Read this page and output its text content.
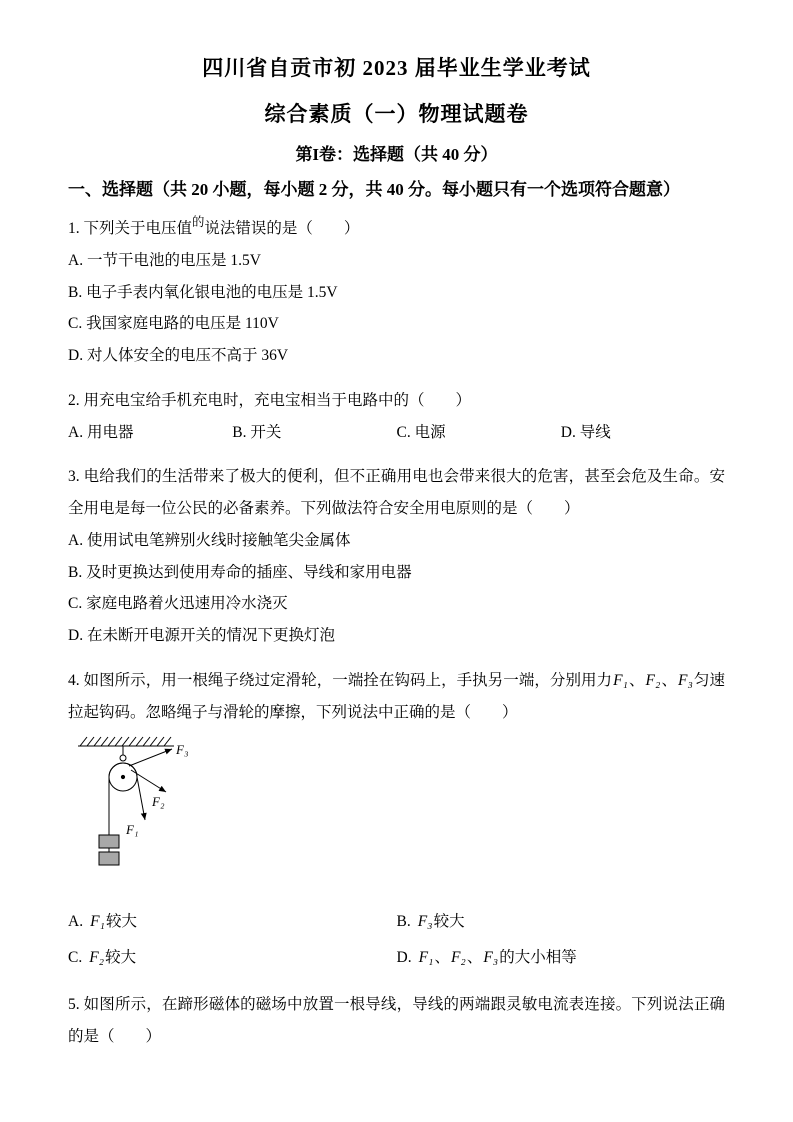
四川省自贡市初 2023 届毕业生学业考试
综合素质（一）物理试题卷
第I卷：选择题（共 40 分）
一、选择题（共 20 小题，每小题 2 分，共 40 分。每小题只有一个选项符合题意）

1. 下列关于电压值$^的$说法错误的是（　　）

A. 一节干电池的电压是 1.5V

B. 电子手表内氧化银电池的电压是 1.5V

C. 我国家庭电路的电压是 110V

D. 对人体安全的电压不高于 36V

2. 用充电宝给手机充电时，充电宝相当于电路中的（　　）

A. 用电器	B. 开关	C. 电源	D. 导线

3. 电给我们的生活带来了极大的便利，但不正确用电也会带来很大的危害，甚至会危及生命。安全用电是每一位公民的必备素养。下列做法符合安全用电原则的是（　　）

A. 使用试电笔辨别火线时接触笔尖金属体

B. 及时更换达到使用寿命的插座、导线和家用电器

C. 家庭电路着火迅速用冷水浇灭

D. 在未断开电源开关的情况下更换灯泡

4. 如图所示，用一根绳子绕过定滑轮，一端拴在钩码上，手执另一端，分别用力F₁、F₂、F₃匀速拉起钩码。忽略绳子与滑轮的摩擦，下列说法中正确的是（　　）

F₃
F₂
F₁
A. F₁较大	B. F₃较大
C. F₂较大	D. F₁、F₂、F₃的大小相等

5. 如图所示，在蹄形磁体的磁场中放置一根导线，导线的两端跟灵敏电流表连接。下列说法正确的是（　　）
